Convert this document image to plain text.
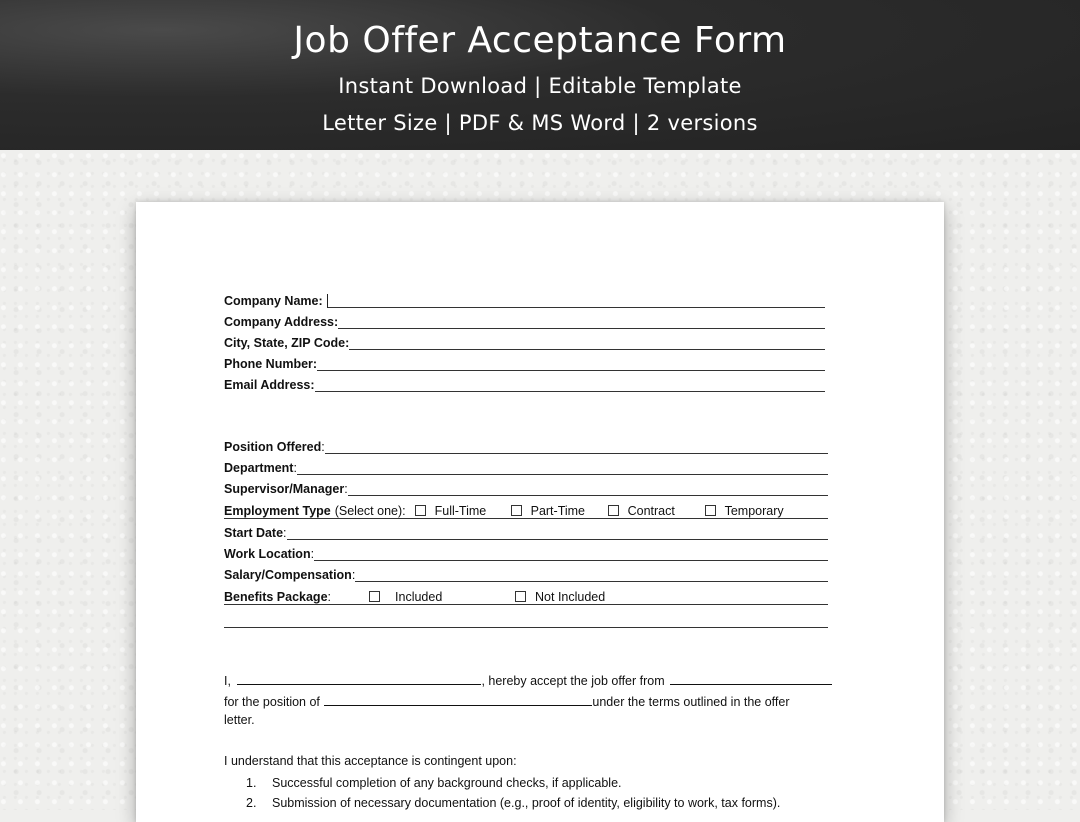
Job Offer Acceptance Form
Instant Download | Editable Template
Letter Size | PDF & MS Word | 2 versions
Company Name:
Company Address:
City, State, ZIP Code:
Phone Number:
Email Address:
Position Offered :
Department :
Supervisor/Manager :
Employment Type (Select one): Full-Time	Part-Time	Contract	Temporary
Start Date :
Work Location :
Salary/Compensation :
Benefits Package :	Included	Not Included
I,	, hereby accept the job offer from
for the position of	under the terms outlined in the offer
letter.
I understand that this acceptance is contingent upon:
1. Successful completion of any background checks, if applicable.
2. Submission of necessary documentation (e.g., proof of identity, eligibility to work, tax forms).
